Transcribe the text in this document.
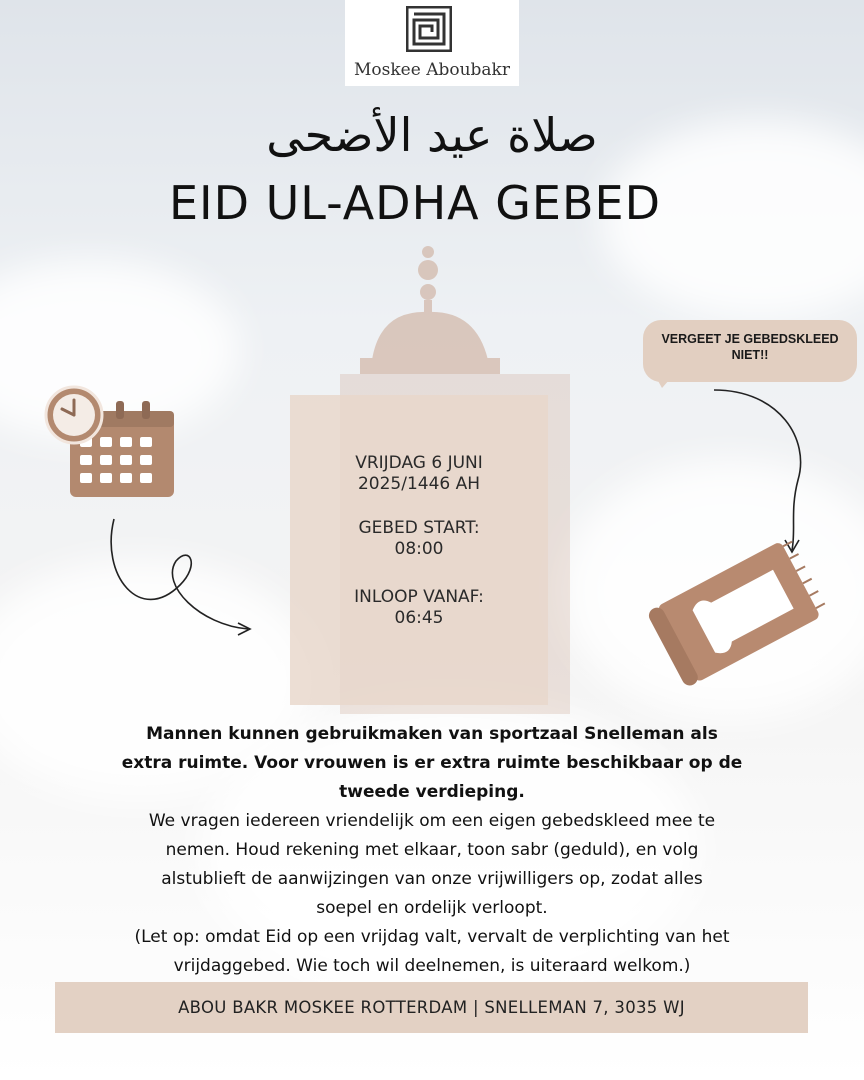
Moskee Aboubakr
صلاة عيد الأضحى
EID UL-ADHA GEBED
VRIJDAG 6 JUNI
2025/1446 AH
GEBED START:
08:00
INLOOP VANAF:
06:45
VERGEET JE GEBEDSKLEED NIET!!
Mannen kunnen gebruikmaken van sportzaal Snelleman als
extra ruimte. Voor vrouwen is er extra ruimte beschikbaar op de
tweede verdieping.
We vragen iedereen vriendelijk om een eigen gebedskleed mee te
nemen. Houd rekening met elkaar, toon sabr (geduld), en volg
alstublieft de aanwijzingen van onze vrijwilligers op, zodat alles
soepel en ordelijk verloopt.
(Let op: omdat Eid op een vrijdag valt, vervalt de verplichting van het
vrijdaggebed. Wie toch wil deelnemen, is uiteraard welkom.)
ABOU BAKR MOSKEE ROTTERDAM | SNELLEMAN 7, 3035 WJ
